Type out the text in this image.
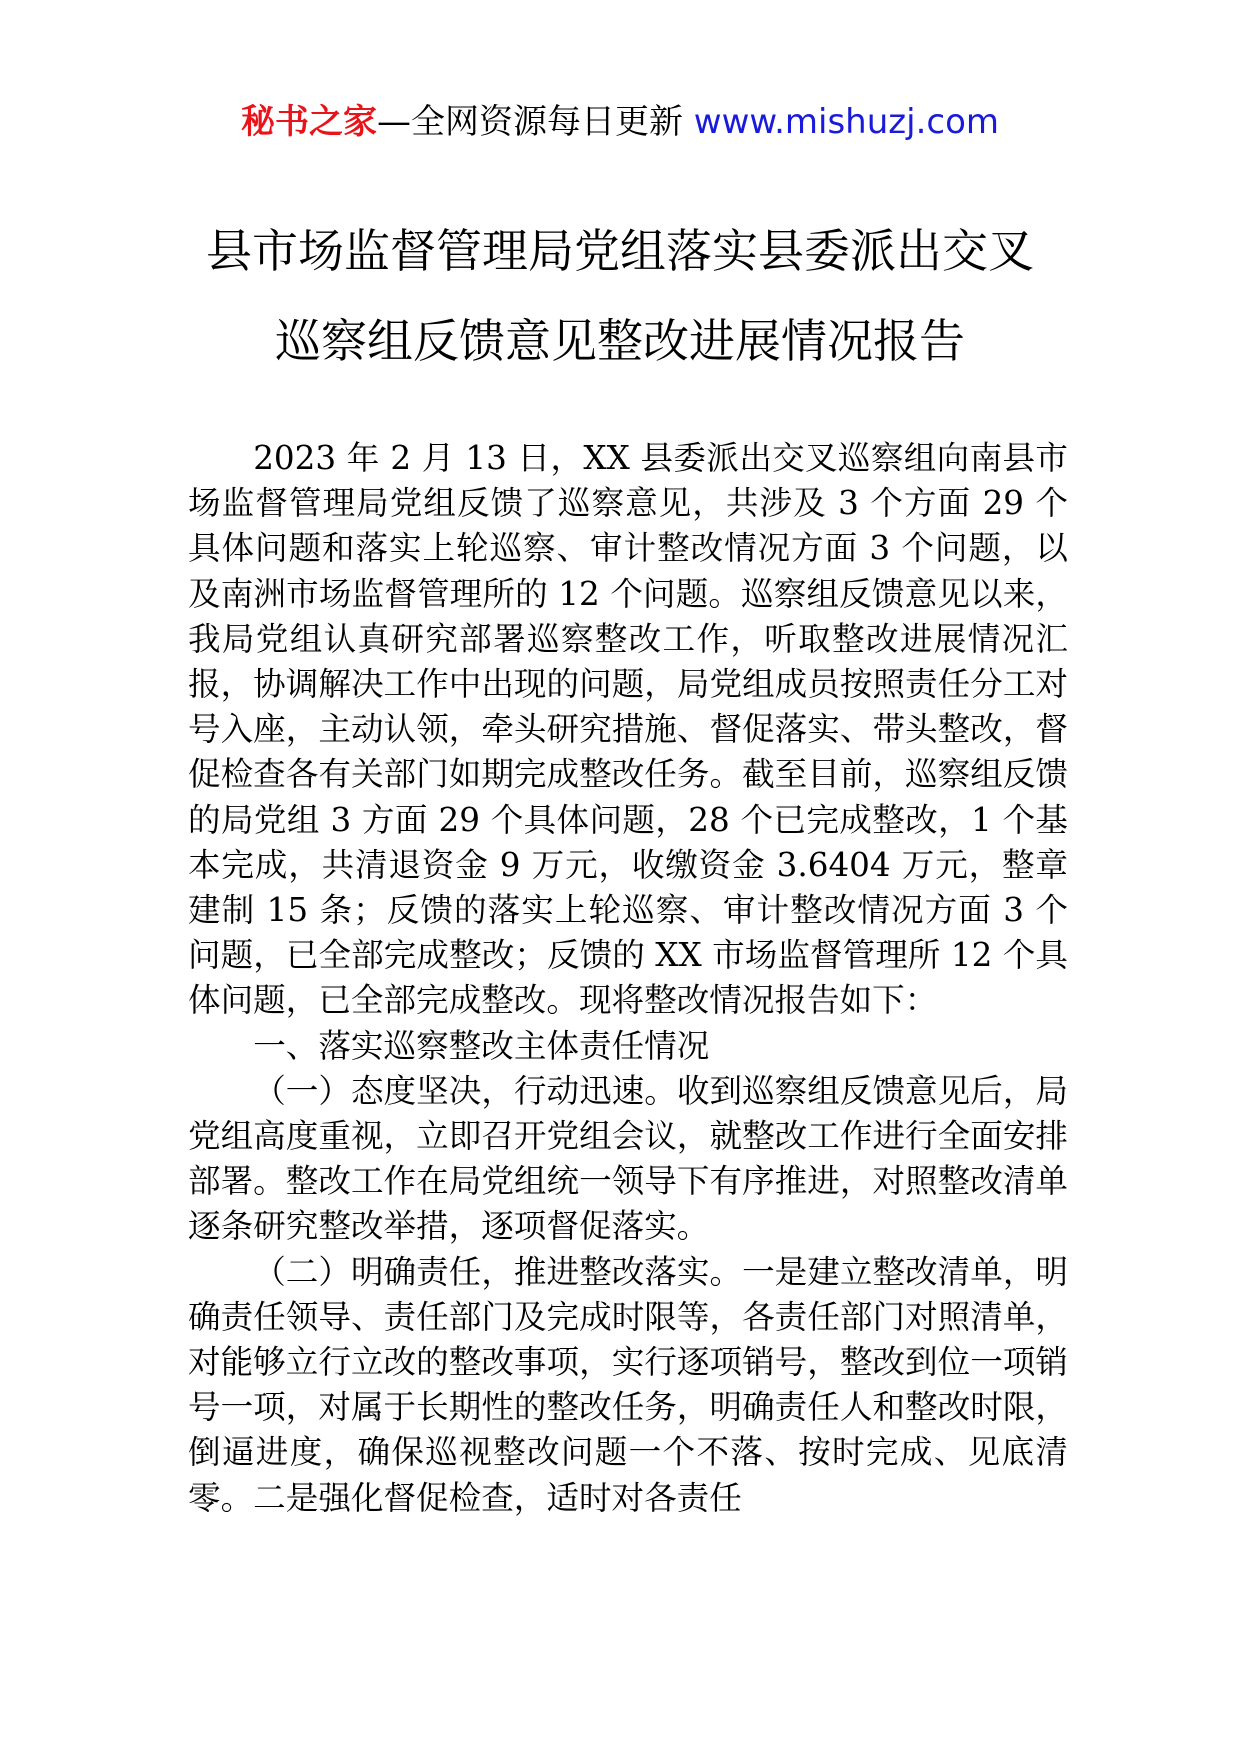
秘书之家—全网资源每日更新 www.mishuzj.com
县市场监督管理局党组落实县委派出交叉
巡察组反馈意见整改进展情况报告

2023 年 2 月 13 日，XX 县委派出交叉巡察组向南县市场监督管理局党组反馈了巡察意见，共涉及 3 个方面 29 个具体问题和落实上轮巡察、审计整改情况方面 3 个问题，以及南洲市场监督管理所的 12 个问题。巡察组反馈意见以来，我局党组认真研究部署巡察整改工作，听取整改进展情况汇报，协调解决工作中出现的问题，局党组成员按照责任分工对号入座，主动认领，牵头研究措施、督促落实、带头整改，督促检查各有关部门如期完成整改任务。截至目前，巡察组反馈的局党组 3 方面 29 个具体问题，28 个已完成整改，1 个基本完成，共清退资金 9 万元，收缴资金 3.6404 万元，整章建制 15 条；反馈的落实上轮巡察、审计整改情况方面 3 个问题，已全部完成整改；反馈的 XX 市场监督管理所 12 个具体问题，已全部完成整改。现将整改情况报告如下：

一、落实巡察整改主体责任情况

（一）态度坚决，行动迅速。收到巡察组反馈意见后，局党组高度重视，立即召开党组会议，就整改工作进行全面安排部署。整改工作在局党组统一领导下有序推进，对照整改清单逐条研究整改举措，逐项督促落实。

（二）明确责任，推进整改落实。一是建立整改清单，明确责任领导、责任部门及完成时限等，各责任部门对照清单，对能够立行立改的整改事项，实行逐项销号，整改到位一项销号一项，对属于长期性的整改任务，明确责任人和整改时限，倒逼进度，确保巡视整改问题一个不落、按时完成、见底清零。二是强化督促检查，适时对各责任
